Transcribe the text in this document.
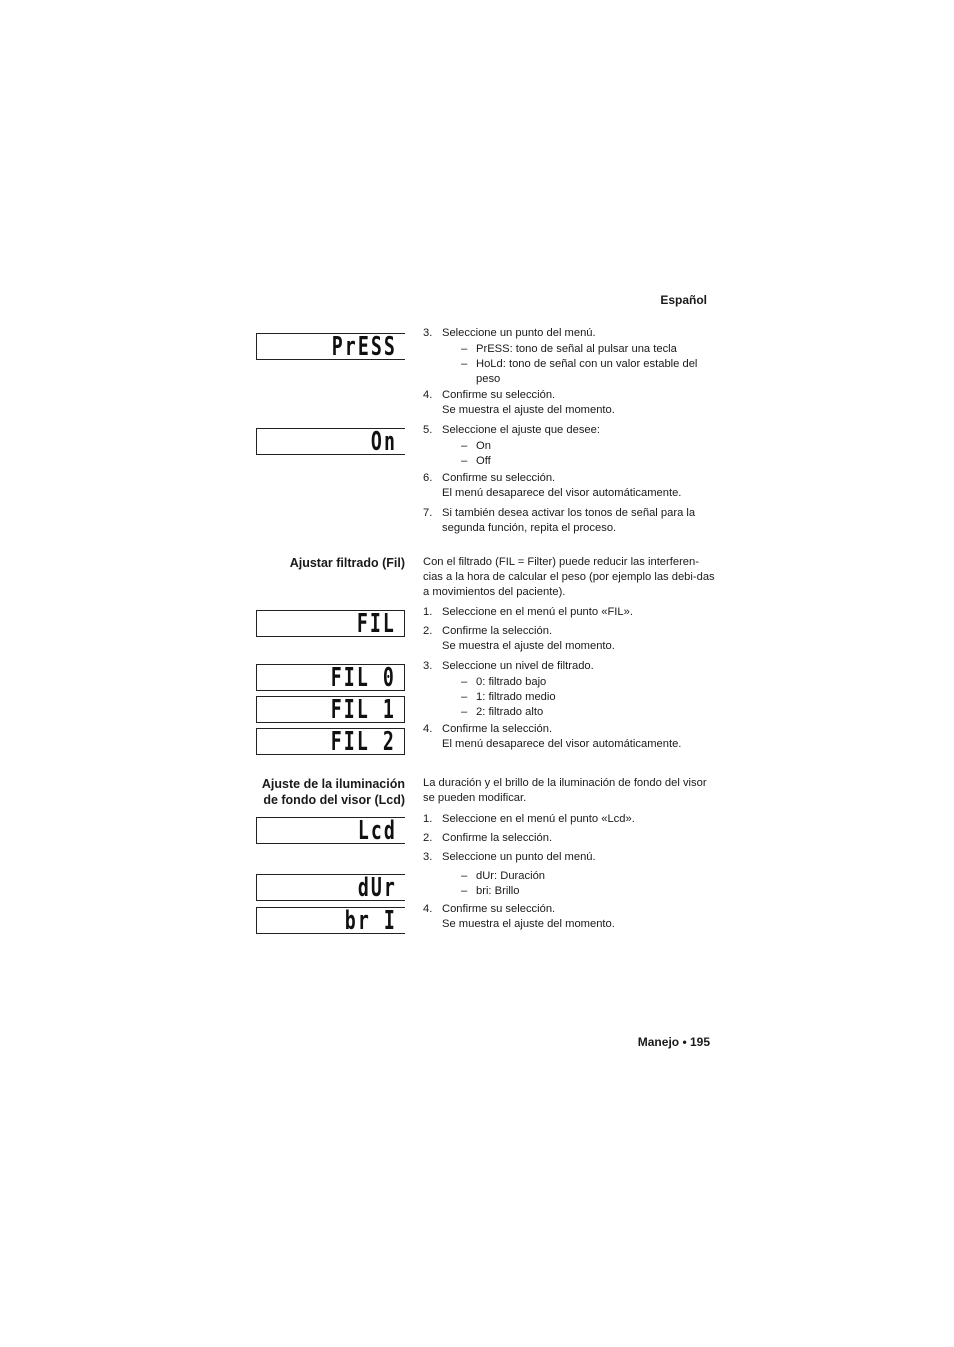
Español
PrESS
On
FIL
FIL 0
FIL 1
FIL 2
Lcd
dUr
br I
3. Seleccione un punto del menú.
– PrESS: tono de señal al pulsar una tecla
– HoLd: tono de señal con un valor estable del peso
4. Confirme su selección.
Se muestra el ajuste del momento.
5. Seleccione el ajuste que desee:
– On
– Off
6. Confirme su selección.
El menú desaparece del visor automáticamente.
7. Si también desea activar los tonos de señal para la segunda función, repita el proceso.
Ajustar filtrado (Fil) Con el filtrado (FIL = Filter) puede reducir las interferen-cias a la hora de calcular el peso (por ejemplo las debi-das a movimientos del paciente).
1. Seleccione en el menú el punto «FIL».
2. Confirme la selección.
Se muestra el ajuste del momento.
3. Seleccione un nivel de filtrado.
– 0: filtrado bajo
– 1: filtrado medio
– 2: filtrado alto
4. Confirme la selección.
El menú desaparece del visor automáticamente.
Ajuste de la iluminación
de fondo del visor (Lcd)
La duración y el brillo de la iluminación de fondo del visor se pueden modificar.
1. Seleccione en el menú el punto «Lcd».
2. Confirme la selección.
3. Seleccione un punto del menú.
– dUr: Duración
– bri: Brillo
4. Confirme su selección.
Se muestra el ajuste del momento.
Manejo • 195
